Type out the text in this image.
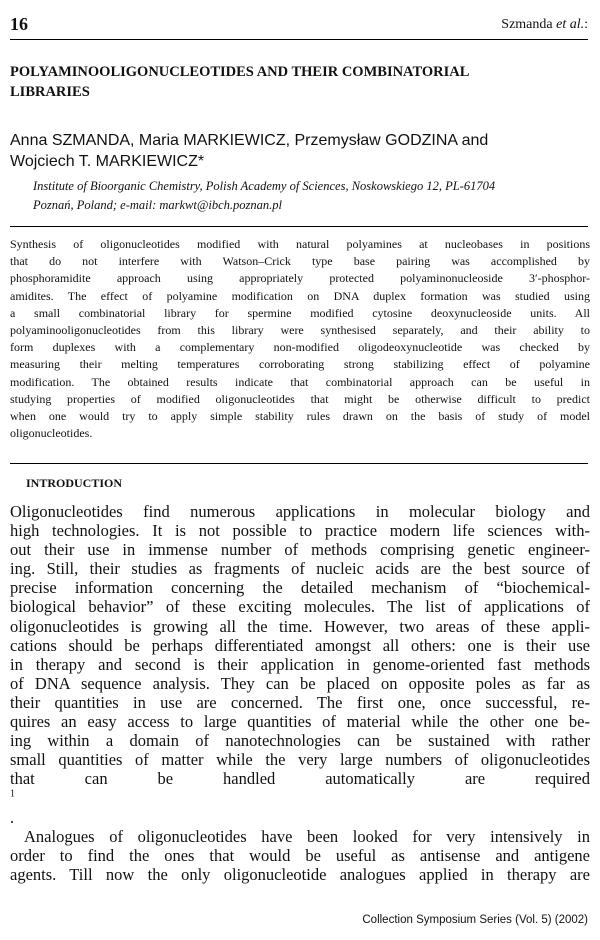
16	Szmanda et al.:
POLYAMINOOLIGONUCLEOTIDES AND THEIR COMBINATORIAL
LIBRARIES

Anna SZMANDA, Maria MARKIEWICZ, Przemysław GODZINA and
Wojciech T. MARKIEWICZ*

Institute of Bioorganic Chemistry, Polish Academy of Sciences, Noskowskiego 12, PL-61704
Poznań, Poland; e-mail: markwt@ibch.poznan.pl

Synthesis of oligonucleotides modified with natural polyamines at nucleobases in positions
that do not interfere with Watson–Crick type base pairing was accomplished by
phosphoramidite approach using appropriately protected polyaminonucleoside 3′-phosphor-
amidites. The effect of polyamine modification on DNA duplex formation was studied using
a small combinatorial library for spermine modified cytosine deoxynucleoside units. All
polyaminooligonucleotides from this library were synthesised separately, and their ability to
form duplexes with a complementary non-modified oligodeoxynucleotide was checked by
measuring their melting temperatures corroborating strong stabilizing effect of polyamine
modification. The obtained results indicate that combinatorial approach can be useful in
studying properties of modified oligonucleotides that might be otherwise difficult to predict
when one would try to apply simple stability rules drawn on the basis of study of model
oligonucleotides.

INTRODUCTION

Oligonucleotides find numerous applications in molecular biology and
high technologies. It is not possible to practice modern life sciences with-
out their use in immense number of methods comprising genetic engineer-
ing. Still, their studies as fragments of nucleic acids are the best source of
precise information concerning the detailed mechanism of “biochemical-
biological behavior” of these exciting molecules. The list of applications of
oligonucleotides is growing all the time. However, two areas of these appli-
cations should be perhaps differentiated amongst all others: one is their use
in therapy and second is their application in genome-oriented fast methods
of DNA sequence analysis. They can be placed on opposite poles as far as
their quantities in use are concerned. The first one, once successful, re-
quires an easy access to large quantities of material while the other one be-
ing within a domain of nanotechnologies can be sustained with rather
small quantities of matter while the very large numbers of oligonucleotides
that can be handled automatically are required
$^1$
.
Analogues of oligonucleotides have been looked for very intensively in
order to find the ones that would be useful as antisense and antigene
agents. Till now the only oligonucleotide analogues applied in therapy are

Collection Symposium Series (Vol. 5) (2002)
